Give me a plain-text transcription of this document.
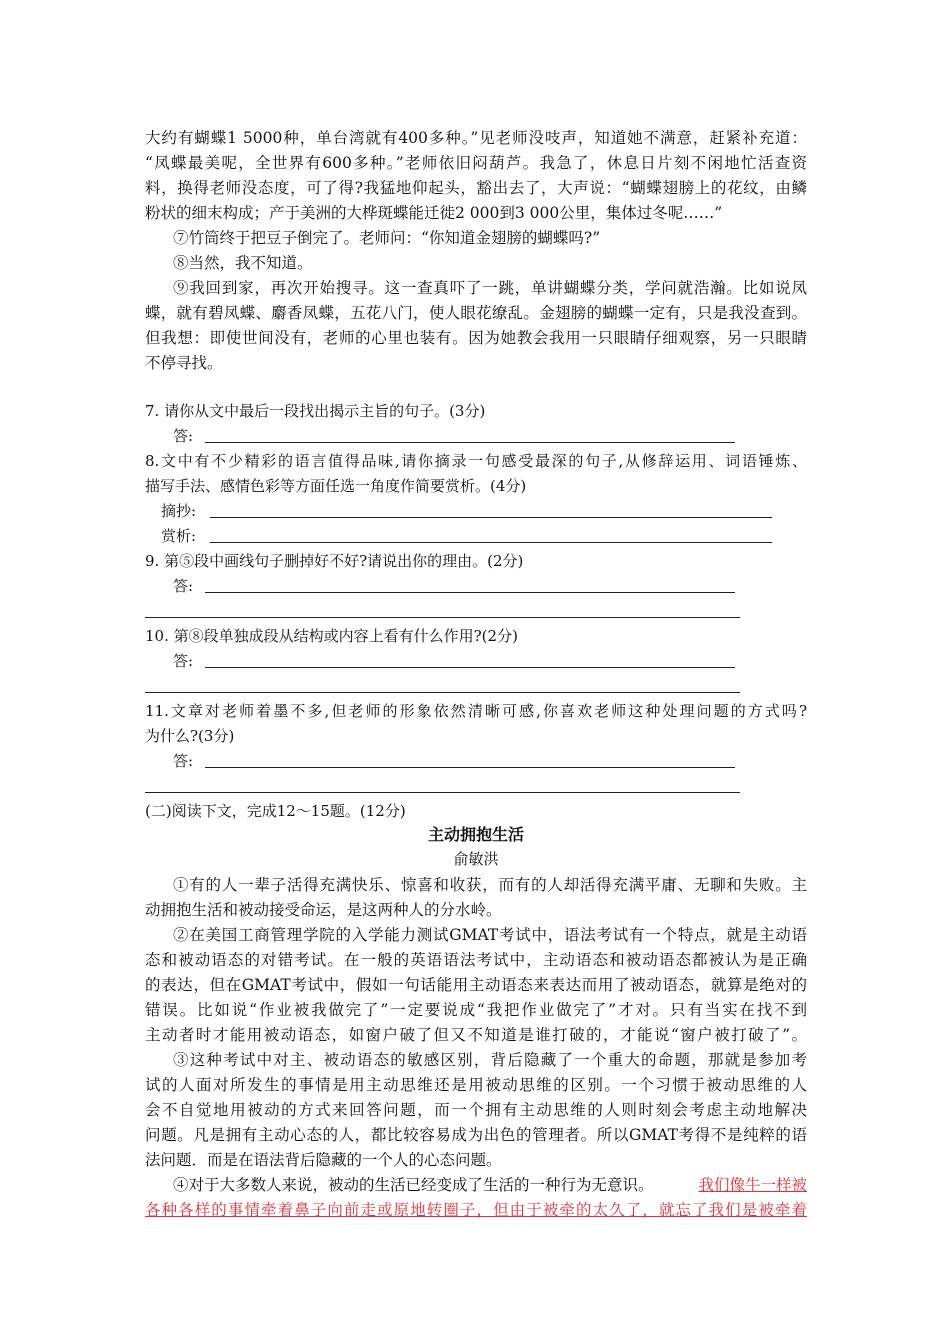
大约有蝴蝶1 5000种，单台湾就有400多种。”见老师没吱声，知道她不满意，赶紧补充道：
“凤蝶最美呢，全世界有600多种。”老师依旧闷葫芦。我急了，休息日片刻不闲地忙活查资
料，换得老师没态度，可了得?我猛地仰起头，豁出去了，大声说：“蝴蝶翅膀上的花纹，由鳞
粉状的细末构成；产于美洲的大桦斑蝶能迁徙2 000到3 000公里，集体过冬呢……”
⑦竹筒终于把豆子倒完了。老师问：“你知道金翅膀的蝴蝶吗?”
⑧当然，我不知道。
⑨我回到家，再次开始搜寻。这一查真吓了一跳，单讲蝴蝶分类，学问就浩瀚。比如说凤
蝶，就有碧凤蝶、麝香凤蝶，五花八门，使人眼花缭乱。金翅膀的蝴蝶一定有，只是我没查到。
但我想：即使世间没有，老师的心里也装有。因为她教会我用一只眼睛仔细观察，另一只眼睛
不停寻找。
7. 请你从文中最后一段找出揭示主旨的句子。(3分)
答:
8.文中有不少精彩的语言值得品味,请你摘录一句感受最深的句子,从修辞运用、词语锤炼、
描写手法、感情色彩等方面任选一角度作简要赏析。(4分)
摘抄:
赏析:
9. 第⑤段中画线句子删掉好不好?请说出你的理由。(2分)
答:
10. 第⑧段单独成段从结构或内容上看有什么作用?(2分)
答:
11.文章对老师着墨不多,但老师的形象依然清晰可感,你喜欢老师这种处理问题的方式吗?
为什么?(3分)
答:
(二)阅读下文，完成12～15题。(12分)
主动拥抱生活
俞敏洪
①有的人一辈子活得充满快乐、惊喜和收获，而有的人却活得充满平庸、无聊和失败。主
动拥抱生活和被动接受命运，是这两种人的分水岭。
②在美国工商管理学院的入学能力测试GMAT考试中，语法考试有一个特点，就是主动语
态和被动语态的对错考试。在一般的英语语法考试中，主动语态和被动语态都被认为是正确
的表达，但在GMAT考试中，假如一句话能用主动语态来表达而用了被动语态，就算是绝对的
错误。比如说“作业被我做完了”一定要说成“我把作业做完了”才对。只有当实在找不到
主动者时才能用被动语态，如窗户破了但又不知道是谁打破的，才能说“窗户被打破了”。
③这种考试中对主、被动语态的敏感区别，背后隐藏了一个重大的命题，那就是参加考
试的人面对所发生的事情是用主动思维还是用被动思维的区别。一个习惯于被动思维的人
会不自觉地用被动的方式来回答问题，而一个拥有主动思维的人则时刻会考虑主动地解决
问题。凡是拥有主动心态的人，都比较容易成为出色的管理者。所以GMAT考得不是纯粹的语
法问题．而是在语法背后隐藏的一个人的心态问题。
④对于大多数人来说，被动的生活已经变成了生活的一种行为无意识。	我们像牛一样被
各种各样的事情牵着鼻子向前走或原地转圈子，但由于被牵的太久了，就忘了我们是被牵着
